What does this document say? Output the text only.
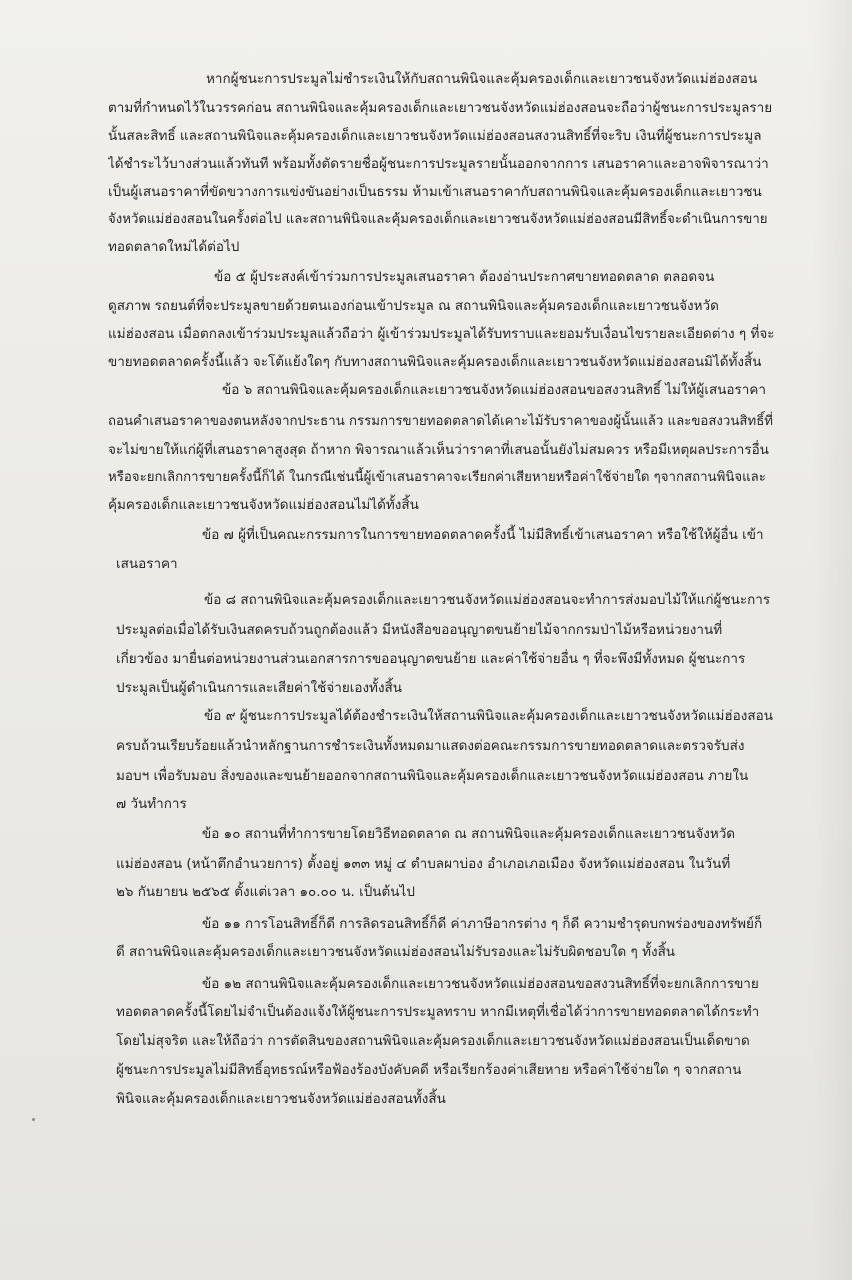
หากผู้ชนะการประมูลไม่ชำระเงินให้กับสถานพินิจและคุ้มครองเด็กและเยาวชนจังหวัดแม่ฮ่องสอน
ตามที่กำหนดไว้ในวรรคก่อน สถานพินิจและคุ้มครองเด็กและเยาวชนจังหวัดแม่ฮ่องสอนจะถือว่าผู้ชนะการประมูลราย
นั้นสละสิทธิ์ และสถานพินิจและคุ้มครองเด็กและเยาวชนจังหวัดแม่ฮ่องสอนสงวนสิทธิ์ที่จะริบ เงินที่ผู้ชนะการประมูล
ได้ชำระไว้บางส่วนแล้วทันที พร้อมทั้งตัดรายชื่อผู้ชนะการประมูลรายนั้นออกจากการ เสนอราคาและอาจพิจารณาว่า
เป็นผู้เสนอราคาที่ขัดขวางการแข่งขันอย่างเป็นธรรม ห้ามเข้าเสนอราคากับสถานพินิจและคุ้มครองเด็กและเยาวชน
จังหวัดแม่ฮ่องสอนในครั้งต่อไป และสถานพินิจและคุ้มครองเด็กและเยาวชนจังหวัดแม่ฮ่องสอนมีสิทธิ์จะดำเนินการขาย
ทอดตลาดใหม่ได้ต่อไป
ข้อ ๕ ผู้ประสงค์เข้าร่วมการประมูลเสนอราคา ต้องอ่านประกาศขายทอดตลาด ตลอดจน
ดูสภาพ รถยนต์ที่จะประมูลขายด้วยตนเองก่อนเข้าประมูล ณ สถานพินิจและคุ้มครองเด็กและเยาวชนจังหวัด
แม่ฮ่องสอน เมื่อตกลงเข้าร่วมประมูลแล้วถือว่า ผู้เข้าร่วมประมูลได้รับทราบและยอมรับเงื่อนไขรายละเอียดต่าง ๆ ที่จะ
ขายทอดตลาดครั้งนี้แล้ว จะโต้แย้งใดๆ กับทางสถานพินิจและคุ้มครองเด็กและเยาวชนจังหวัดแม่ฮ่องสอนมิได้ทั้งสิ้น
ข้อ ๖ สถานพินิจและคุ้มครองเด็กและเยาวชนจังหวัดแม่ฮ่องสอนขอสงวนสิทธิ์ ไม่ให้ผู้เสนอราคา
ถอนคำเสนอราคาของตนหลังจากประธาน กรรมการขายทอดตลาดได้เคาะไม้รับราคาของผู้นั้นแล้ว และขอสงวนสิทธิ์ที่
จะไม่ขายให้แก่ผู้ที่เสนอราคาสูงสุด ถ้าหาก พิจารณาแล้วเห็นว่าราคาที่เสนอนั้นยังไม่สมควร หรือมีเหตุผลประการอื่น
หรือจะยกเลิกการขายครั้งนี้ก็ได้ ในกรณีเช่นนี้ผู้เข้าเสนอราคาจะเรียกค่าเสียหายหรือค่าใช้จ่ายใด ๆจากสถานพินิจและ
คุ้มครองเด็กและเยาวชนจังหวัดแม่ฮ่องสอนไม่ได้ทั้งสิ้น
ข้อ ๗ ผู้ที่เป็นคณะกรรมการในการขายทอดตลาดครั้งนี้ ไม่มีสิทธิ์เข้าเสนอราคา หรือใช้ให้ผู้อื่น เข้า
เสนอราคา
ข้อ ๘ สถานพินิจและคุ้มครองเด็กและเยาวชนจังหวัดแม่ฮ่องสอนจะทำการส่งมอบไม้ให้แก่ผู้ชนะการ
ประมูลต่อเมื่อได้รับเงินสดครบถ้วนถูกต้องแล้ว มีหนังสือขออนุญาตขนย้ายไม้จากกรมป่าไม้หรือหน่วยงานที่
เกี่ยวข้อง มายื่นต่อหน่วยงานส่วนเอกสารการขออนุญาตขนย้าย และค่าใช้จ่ายอื่น ๆ ที่จะพึงมีทั้งหมด ผู้ชนะการ
ประมูลเป็นผู้ดำเนินการและเสียค่าใช้จ่ายเองทั้งสิ้น
ข้อ ๙ ผู้ชนะการประมูลได้ต้องชำระเงินให้สถานพินิจและคุ้มครองเด็กและเยาวชนจังหวัดแม่ฮ่องสอน
ครบถ้วนเรียบร้อยแล้วนำหลักฐานการชำระเงินทั้งหมดมาแสดงต่อคณะกรรมการขายทอดตลาดและตรวจรับส่ง
มอบฯ เพื่อรับมอบ สิ่งของและขนย้ายออกจากสถานพินิจและคุ้มครองเด็กและเยาวชนจังหวัดแม่ฮ่องสอน ภายใน
๗ วันทำการ
ข้อ ๑๐ สถานที่ทำการขายโดยวิธีทอดตลาด ณ สถานพินิจและคุ้มครองเด็กและเยาวชนจังหวัด
แม่ฮ่องสอน (หน้าตึกอำนวยการ) ตั้งอยู่ ๑๓๓ หมู่ ๔ ตำบลผาบ่อง อำเภอเภอเมือง จังหวัดแม่ฮ่องสอน ในวันที่
๒๖ กันยายน ๒๕๖๕ ตั้งแต่เวลา ๑๐.๐๐ น. เป็นต้นไป
ข้อ ๑๑ การโอนสิทธิ์ก็ดี การลิดรอนสิทธิ์ก็ดี ค่าภาษีอากรต่าง ๆ ก็ดี ความชำรุดบกพร่องของทรัพย์ก็
ดี สถานพินิจและคุ้มครองเด็กและเยาวชนจังหวัดแม่ฮ่องสอนไม่รับรองและไม่รับผิดชอบใด ๆ ทั้งสิ้น
ข้อ ๑๒ สถานพินิจและคุ้มครองเด็กและเยาวชนจังหวัดแม่ฮ่องสอนขอสงวนสิทธิ์ที่จะยกเลิกการขาย
ทอดตลาดครั้งนี้โดยไม่จำเป็นต้องแจ้งให้ผู้ชนะการประมูลทราบ หากมีเหตุที่เชื่อได้ว่าการขายทอดตลาดได้กระทำ
โดยไม่สุจริต และให้ถือว่า การตัดสินของสถานพินิจและคุ้มครองเด็กและเยาวชนจังหวัดแม่ฮ่องสอนเป็นเด็ดขาด
ผู้ชนะการประมูลไม่มีสิทธิ์อุทธรณ์หรือฟ้องร้องบังคับคดี หรือเรียกร้องค่าเสียหาย หรือค่าใช้จ่ายใด ๆ จากสถาน
พินิจและคุ้มครองเด็กและเยาวชนจังหวัดแม่ฮ่องสอนทั้งสิ้น
